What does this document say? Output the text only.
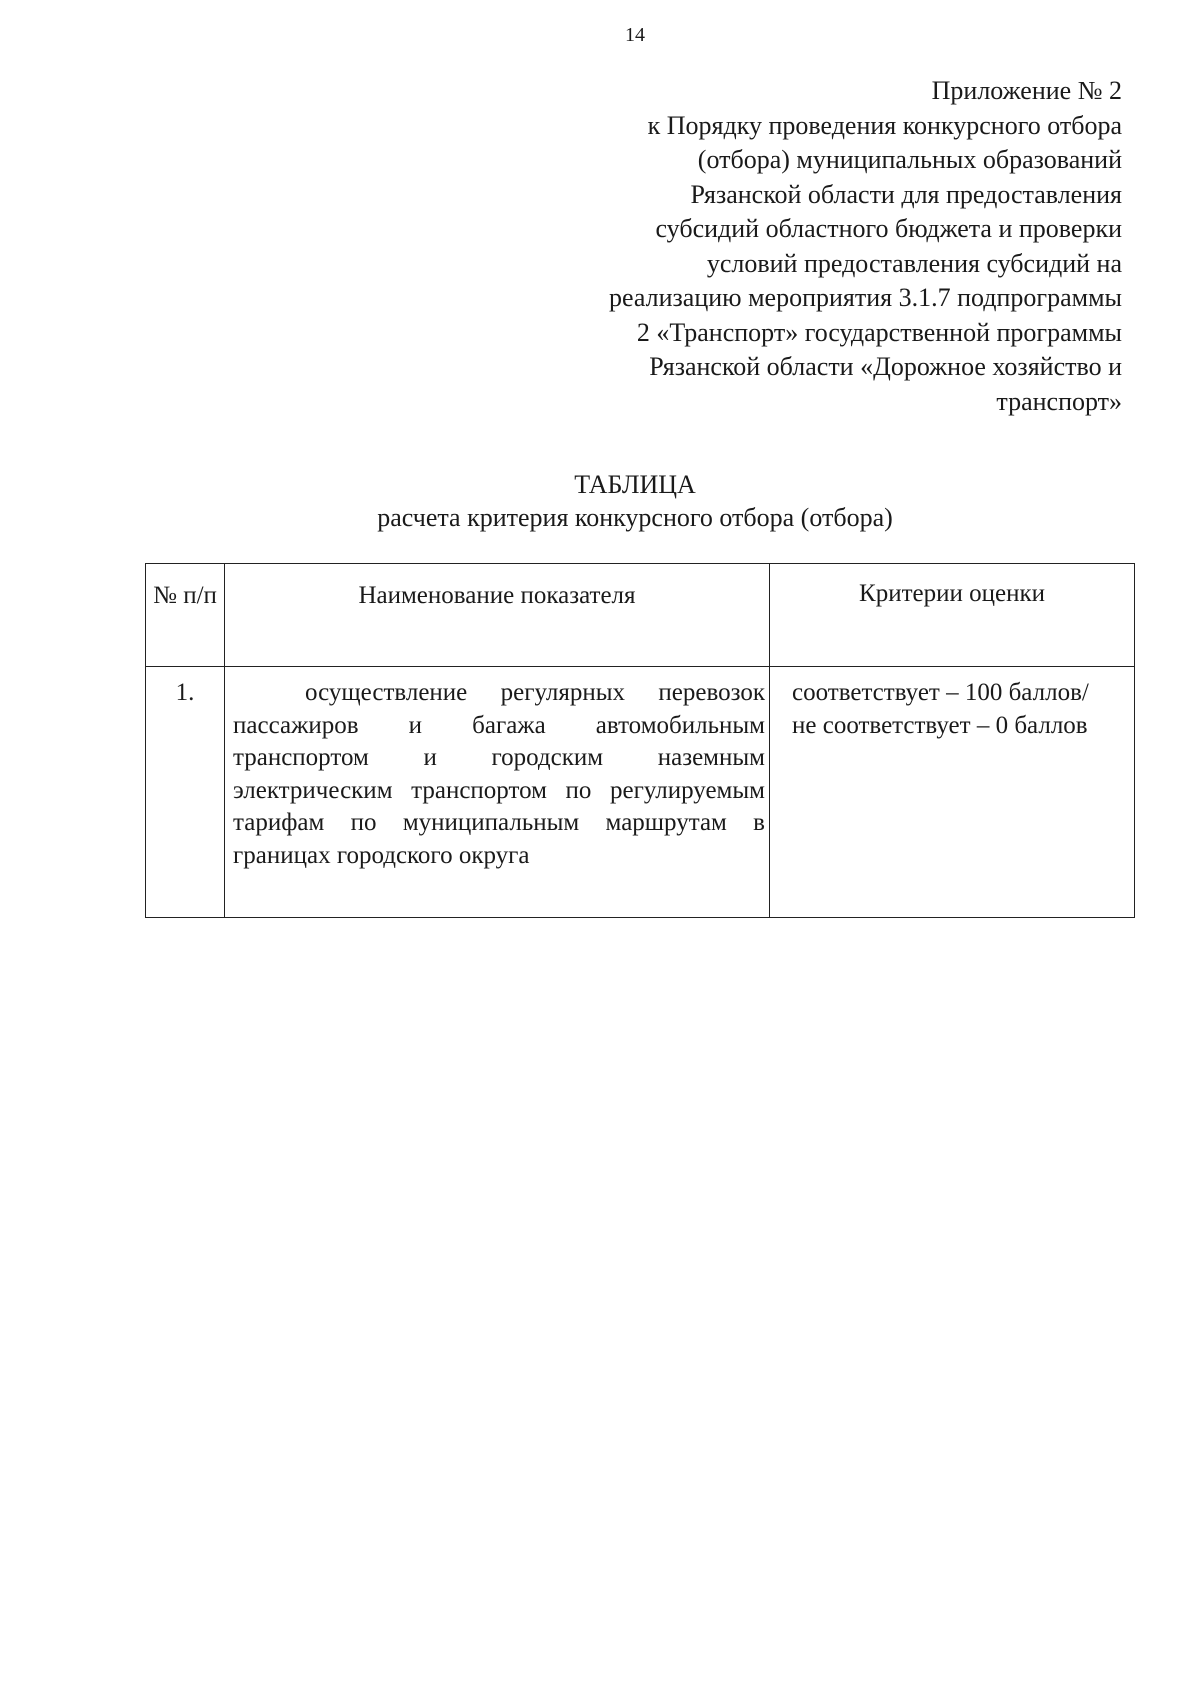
14
Приложение № 2
к Порядку проведения конкурсного отбора
(отбора) муниципальных образований
Рязанской области для предоставления
субсидий областного бюджета и проверки
условий предоставления субсидий на
реализацию мероприятия 3.1.7 подпрограммы
2 «Транспорт» государственной программы
Рязанской области «Дорожное хозяйство и
транспорт»
ТАБЛИЦА
расчета критерия конкурсного отбора (отбора)
№ п/п	Наименование показателя	Критерии оценки
1.	осуществление регулярных перевозок пассажиров и багажа автомобильным транспортом и городским наземным электрическим транспортом по регулируемым тарифам по муниципальным маршрутам в границах городского округа	соответствует – 100 баллов/
не соответствует – 0 баллов
